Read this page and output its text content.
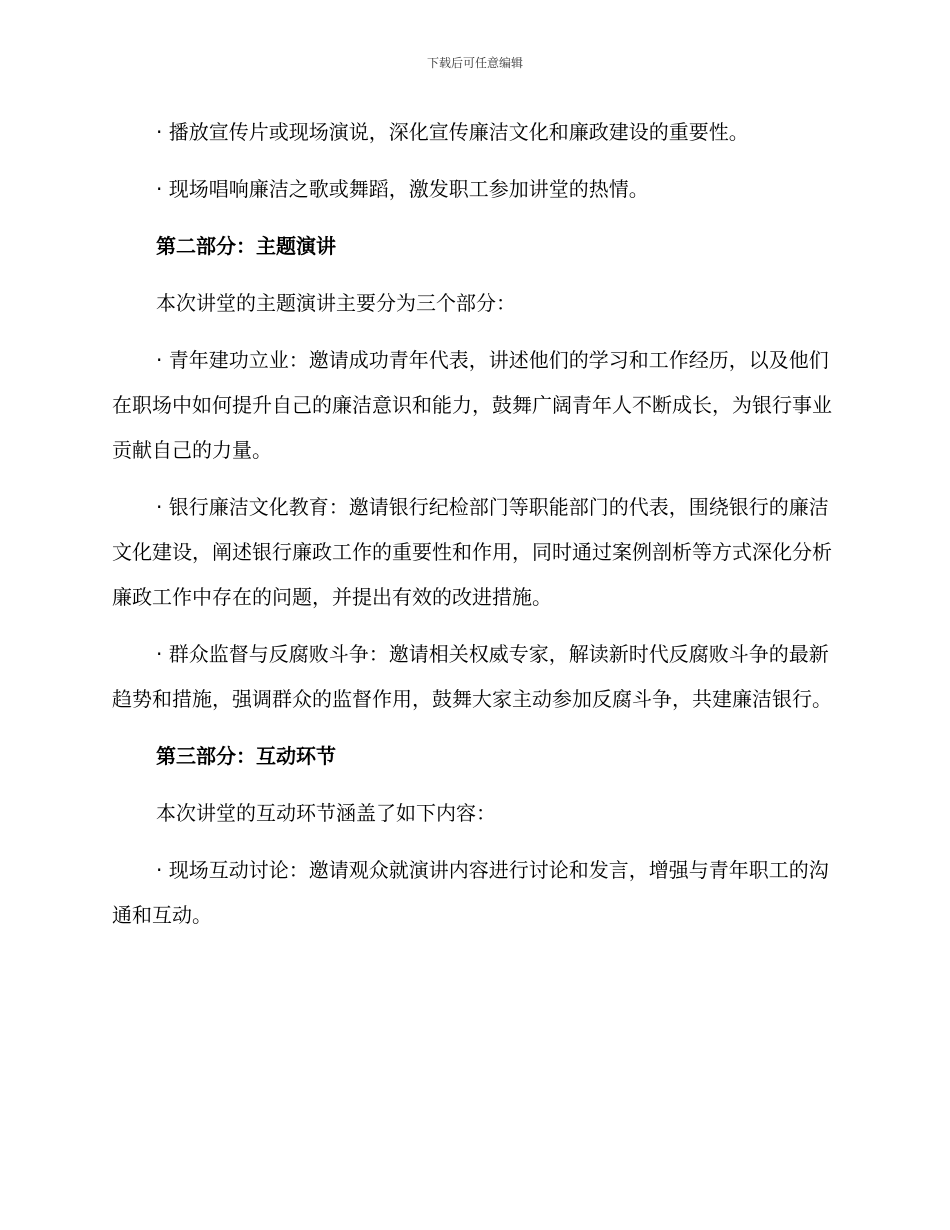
下载后可任意编辑

· 播放宣传片或现场演说，深化宣传廉洁文化和廉政建设的重要性。

· 现场唱响廉洁之歌或舞蹈，激发职工参加讲堂的热情。

第二部分：主题演讲

本次讲堂的主题演讲主要分为三个部分：

· 青年建功立业：邀请成功青年代表，讲述他们的学习和工作经历，以及他们在职场中如何提升自己的廉洁意识和能力，鼓舞广阔青年人不断成长，为银行事业贡献自己的力量。

· 银行廉洁文化教育：邀请银行纪检部门等职能部门的代表，围绕银行的廉洁文化建设，阐述银行廉政工作的重要性和作用，同时通过案例剖析等方式深化分析廉政工作中存在的问题，并提出有效的改进措施。

· 群众监督与反腐败斗争：邀请相关权威专家，解读新时代反腐败斗争的最新趋势和措施，强调群众的监督作用，鼓舞大家主动参加反腐斗争，共建廉洁银行。

第三部分：互动环节

本次讲堂的互动环节涵盖了如下内容：

· 现场互动讨论：邀请观众就演讲内容进行讨论和发言，增强与青年职工的沟通和互动。
